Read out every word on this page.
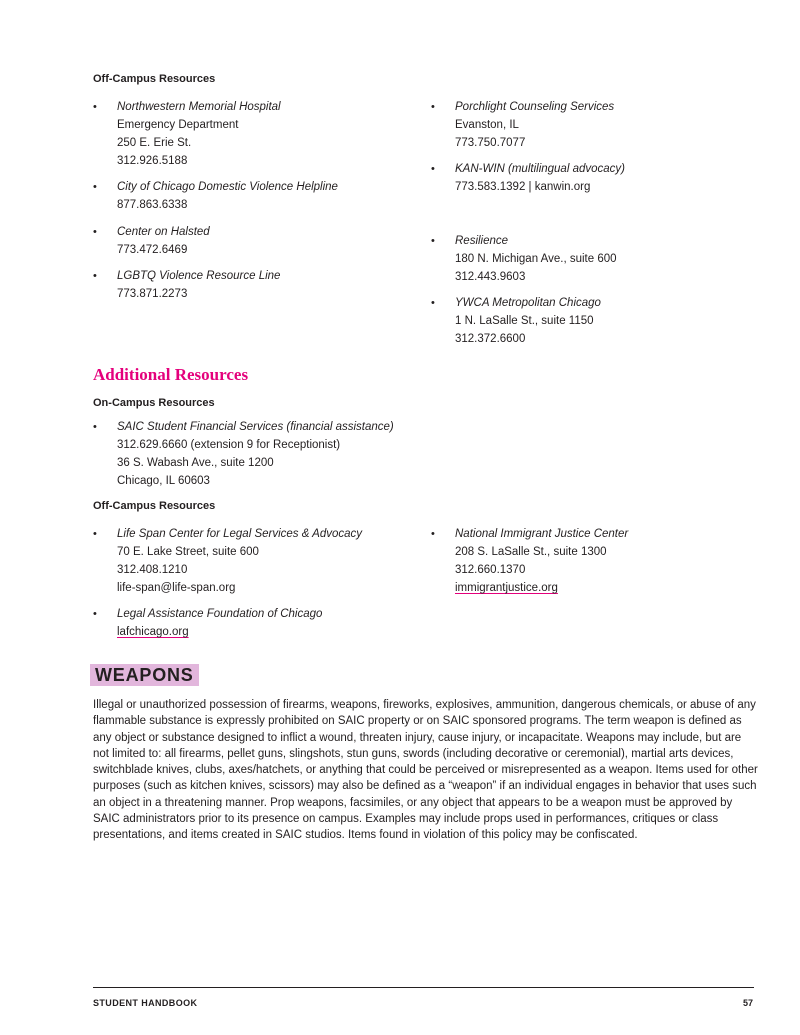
Off-Campus Resources
• Northwestern Memorial Hospital
Emergency Department
250 E. Erie St.
312.926.5188
• City of Chicago Domestic Violence Helpline
877.863.6338
• Center on Halsted
773.472.6469
• LGBTQ Violence Resource Line
773.871.2273
• Porchlight Counseling Services
Evanston, IL
773.750.7077
• KAN-WIN (multilingual advocacy)
773.583.1392 | kanwin.org
• Resilience
180 N. Michigan Ave., suite 600
312.443.9603
• YWCA Metropolitan Chicago
1 N. LaSalle St., suite 1150
312.372.6600
Additional Resources
On-Campus Resources
• SAIC Student Financial Services (financial assistance)
312.629.6660 (extension 9 for Receptionist)
36 S. Wabash Ave., suite 1200
Chicago, IL 60603
Off-Campus Resources
• Life Span Center for Legal Services & Advocacy
70 E. Lake Street, suite 600
312.408.1210
life-span@life-span.org
• Legal Assistance Foundation of Chicago
lafchicago.org
• National Immigrant Justice Center
208 S. LaSalle St., suite 1300
312.660.1370
immigrantjustice.org
WEAPONS
Illegal or unauthorized possession of firearms, weapons, fireworks, explosives, ammunition, dangerous chemicals, or abuse of any flammable substance is expressly prohibited on SAIC property or on SAIC sponsored programs. The term weapon is defined as any object or substance designed to inflict a wound, threaten injury, cause injury, or incapacitate. Weapons may include, but are not limited to: all firearms, pellet guns, slingshots, stun guns, swords (including decorative or ceremonial), martial arts devices, switchblade knives, clubs, axes/hatchets, or anything that could be perceived or misrepresented as a weapon. Items used for other purposes (such as kitchen knives, scissors) may also be defined as a “weapon” if an individual engages in behavior that uses such an object in a threatening manner. Prop weapons, facsimiles, or any object that appears to be a weapon must be approved by SAIC administrators prior to its presence on campus. Examples may include props used in performances, critiques or class presentations, and items created in SAIC studios. Items found in violation of this policy may be confiscated.
STUDENT HANDBOOK	57
